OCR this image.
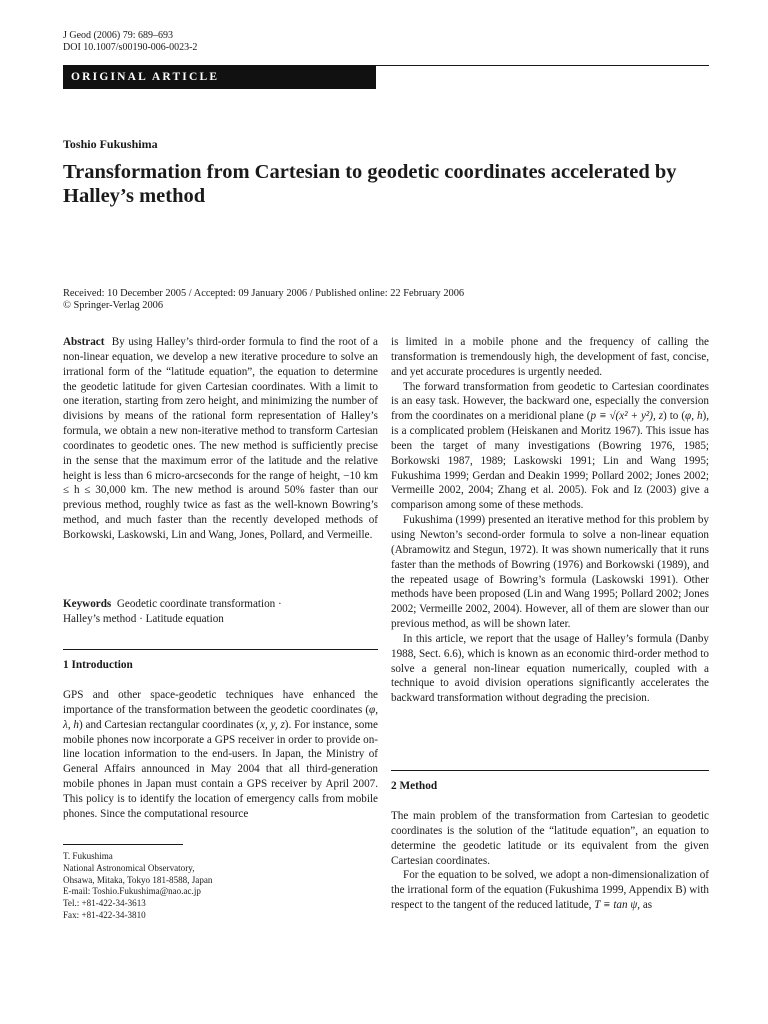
J Geod (2006) 79: 689–693
DOI 10.1007/s00190-006-0023-2
ORIGINAL ARTICLE
Toshio Fukushima
Transformation from Cartesian to geodetic coordinates accelerated by Halley’s method
Received: 10 December 2005 / Accepted: 09 January 2006 / Published online: 22 February 2006
© Springer-Verlag 2006

Abstract By using Halley’s third-order formula to find the root of a non-linear equation, we develop a new iterative procedure to solve an irrational form of the “latitude equation”, the equation to determine the geodetic latitude for given Cartesian coordinates. With a limit to one iteration, starting from zero height, and minimizing the number of divisions by means of the rational form representation of Halley’s formula, we obtain a new non-iterative method to transform Cartesian coordinates to geodetic ones. The new method is sufficiently precise in the sense that the maximum error of the latitude and the relative height is less than 6 micro-arcseconds for the range of height, −10 km ≤ h ≤ 30,000 km. The new method is around 50% faster than our previous method, roughly twice as fast as the well-known Bowring’s method, and much faster than the recently developed methods of Borkowski, Laskowski, Lin and Wang, Jones, Pollard, and Vermeille.

Keywords Geodetic coordinate transformation ·
Halley’s method · Latitude equation
1 Introduction

GPS and other space-geodetic techniques have enhanced the importance of the transformation between the geodetic coordinates (φ, λ, h) and Cartesian rectangular coordinates (x, y, z). For instance, some mobile phones now incorporate a GPS receiver in order to provide on-line location information to the end-users. In Japan, the Ministry of General Affairs announced in May 2004 that all third-generation mobile phones in Japan must contain a GPS receiver by April 2007. This policy is to identify the location of emergency calls from mobile phones. Since the computational resource

T. Fukushima
National Astronomical Observatory,
Ohsawa, Mitaka, Tokyo 181-8588, Japan
E-mail: Toshio.Fukushima@nao.ac.jp
Tel.: +81-422-34-3613
Fax: +81-422-34-3810

is limited in a mobile phone and the frequency of calling the transformation is tremendously high, the development of fast, concise, and yet accurate procedures is urgently needed.

The forward transformation from geodetic to Cartesian coordinates is an easy task. However, the backward one, especially the conversion from the coordinates on a meridional plane (p ≡ √(x² + y²), z) to (φ, h), is a complicated problem (Heiskanen and Moritz 1967). This issue has been the target of many investigations (Bowring 1976, 1985; Borkowski 1987, 1989; Laskowski 1991; Lin and Wang 1995; Fukushima 1999; Gerdan and Deakin 1999; Pollard 2002; Jones 2002; Vermeille 2002, 2004; Zhang et al. 2005). Fok and Iz (2003) give a comparison among some of these methods.

Fukushima (1999) presented an iterative method for this problem by using Newton’s second-order formula to solve a non-linear equation (Abramowitz and Stegun, 1972). It was shown numerically that it runs faster than the methods of Bowring (1976) and Borkowski (1989), and the repeated usage of Bowring’s formula (Laskowski 1991). Other methods have been proposed (Lin and Wang 1995; Pollard 2002; Jones 2002; Vermeille 2002, 2004). However, all of them are slower than our previous method, as will be shown later.

In this article, we report that the usage of Halley’s formula (Danby 1988, Sect. 6.6), which is known as an economic third-order method to solve a general non-linear equation numerically, coupled with a technique to avoid division operations significantly accelerates the backward transformation without degrading the precision.

2 Method

The main problem of the transformation from Cartesian to geodetic coordinates is the solution of the “latitude equation”, an equation to determine the geodetic latitude or its equivalent from the given Cartesian coordinates.

For the equation to be solved, we adopt a non-dimensionalization of the irrational form of the equation (Fukushima 1999, Appendix B) with respect to the tangent of the reduced latitude, T ≡ tan ψ, as
